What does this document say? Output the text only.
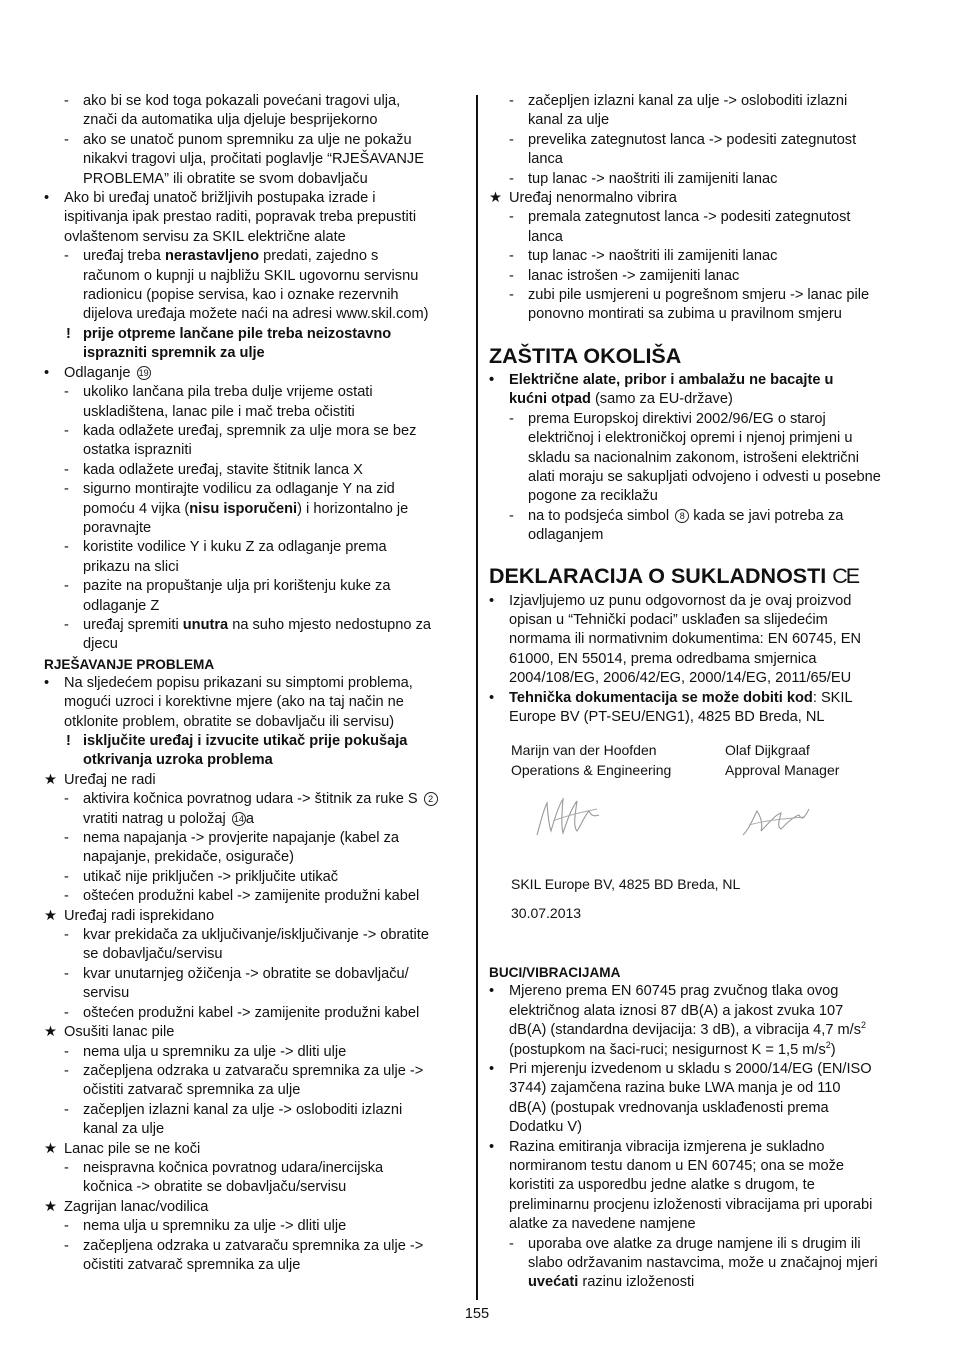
- ako bi se kod toga pokazali povećani tragovi ulja,
znači da automatika ulja djeluje besprijekorno
- ako se unatoč punom spremniku za ulje ne pokažu
nikakvi tragovi ulja, pročitati poglavlje “RJEŠAVANJE
PROBLEMA” ili obratite se svom dobavljaču
• Ako bi uređaj unatoč brižljivih postupaka izrade i
ispitivanja ipak prestao raditi, popravak treba prepustiti
ovlaštenom servisu za SKIL električne alate
- uređaj treba nerastavljeno predati, zajedno s
računom o kupnji u najbližu SKIL ugovornu servisnu
radionicu (popise servisa, kao i oznake rezervnih
dijelova uređaja možete naći na adresi www.skil.com)
! prije otpreme lančane pile treba neizostavno
isprazniti spremnik za ulje
• Odlaganje 19
- ukoliko lančana pila treba dulje vrijeme ostati
uskladištena, lanac pile i mač treba očistiti
- kada odlažete uređaj, spremnik za ulje mora se bez
ostatka isprazniti
- kada odlažete uređaj, stavite štitnik lanca X
- sigurno montirajte vodilicu za odlaganje Y na zid
pomoću 4 vijka (nisu isporučeni) i horizontalno je
poravnajte
- koristite vodilice Y i kuku Z za odlaganje prema
prikazu na slici
- pazite na propuštanje ulja pri korištenju kuke za
odlaganje Z
- uređaj spremiti unutra na suho mjesto nedostupno za
djecu
RJEŠAVANJE PROBLEMA
• Na sljedećem popisu prikazani su simptomi problema,
mogući uzroci i korektivne mjere (ako na taj način ne
otklonite problem, obratite se dobavljaču ili servisu)
! isključite uređaj i izvucite utikač prije pokušaja
otkrivanja uzroka problema
★ Uređaj ne radi
- aktivira kočnica povratnog udara -> štitnik za ruke S 2
vratiti natrag u položaj 14 a
- nema napajanja -> provjerite napajanje (kabel za
napajanje, prekidače, osigurače)
- utikač nije priključen -> priključite utikač
- oštećen produžni kabel -> zamijenite produžni kabel
★ Uređaj radi isprekidano
- kvar prekidača za uključivanje/isključivanje -> obratite
se dobavljaču/servisu
- kvar unutarnjeg ožičenja -> obratite se dobavljaču/
servisu
- oštećen produžni kabel -> zamijenite produžni kabel
★ Osušiti lanac pile
- nema ulja u spremniku za ulje -> dliti ulje
- začepljena odzraka u zatvaraču spremnika za ulje ->
očistiti zatvarač spremnika za ulje
- začepljen izlazni kanal za ulje -> osloboditi izlazni
kanal za ulje
★ Lanac pile se ne koči
- neispravna kočnica povratnog udara/inercijska
kočnica -> obratite se dobavljaču/servisu
★ Zagrijan lanac/vodilica
- nema ulja u spremniku za ulje -> dliti ulje
- začepljena odzraka u zatvaraču spremnika za ulje ->
očistiti zatvarač spremnika za ulje
- začepljen izlazni kanal za ulje -> osloboditi izlazni
kanal za ulje
- prevelika zategnutost lanca -> podesiti zategnutost
lanca
- tup lanac -> naoštriti ili zamijeniti lanac
★ Uređaj nenormalno vibrira
- premala zategnutost lanca -> podesiti zategnutost
lanca
- tup lanac -> naoštriti ili zamijeniti lanac
- lanac istrošen -> zamijeniti lanac
- zubi pile usmjereni u pogrešnom smjeru -> lanac pile
ponovno montirati sa zubima u pravilnom smjeru
ZAŠTITA OKOLIŠA
• Električne alate, pribor i ambalažu ne bacajte u
kućni otpad (samo za EU-države)
- prema Europskoj direktivi 2002/96/EG o staroj
električnoj i elektroničkoj opremi i njenoj primjeni u
skladu sa nacionalnim zakonom, istrošeni električni
alati moraju se sakupljati odvojeno i odvesti u posebne
pogone za reciklažu
- na to podsjeća simbol 8 kada se javi potreba za
odlaganjem
DEKLARACIJA O SUKLADNOSTI CE
• Izjavljujemo uz punu odgovornost da je ovaj proizvod
opisan u “Tehnički podaci” usklađen sa slijedećim
normama ili normativnim dokumentima: EN 60745, EN
61000, EN 55014, prema odredbama smjernica
2004/108/EG, 2006/42/EG, 2000/14/EG, 2011/65/EU
• Tehnička dokumentacija se može dobiti kod: SKIL
Europe BV (PT-SEU/ENG1), 4825 BD Breda, NL
Marijn van der Hoofden
Operations & Engineering
Olaf Dijkgraaf
Approval Manager
SKIL Europe BV, 4825 BD Breda, NL
30.07.2013
BUCI/VIBRACIJAMA
• Mjereno prema EN 60745 prag zvučnog tlaka ovog
električnog alata iznosi 87 dB(A) a jakost zvuka 107
dB(A) (standardna devijacija: 3 dB), a vibracija 4,7 $m/s^2$
(postupkom na šaci-ruci; nesigurnost K = 1,5 $m/s^2$)
• Pri mjerenju izvedenom u skladu s 2000/14/EG (EN/ISO
3744) zajamčena razina buke LWA manja je od 110
dB(A) (postupak vrednovanja usklađenosti prema
Dodatku V)
• Razina emitiranja vibracija izmjerena je sukladno
normiranom testu danom u EN 60745; ona se može
koristiti za usporedbu jedne alatke s drugom, te
preliminarnu procjenu izloženosti vibracijama pri uporabi
alatke za navedene namjene
- uporaba ove alatke za druge namjene ili s drugim ili
slabo održavanim nastavcima, može u značajnoj mjeri
uvećati razinu izloženosti
155
